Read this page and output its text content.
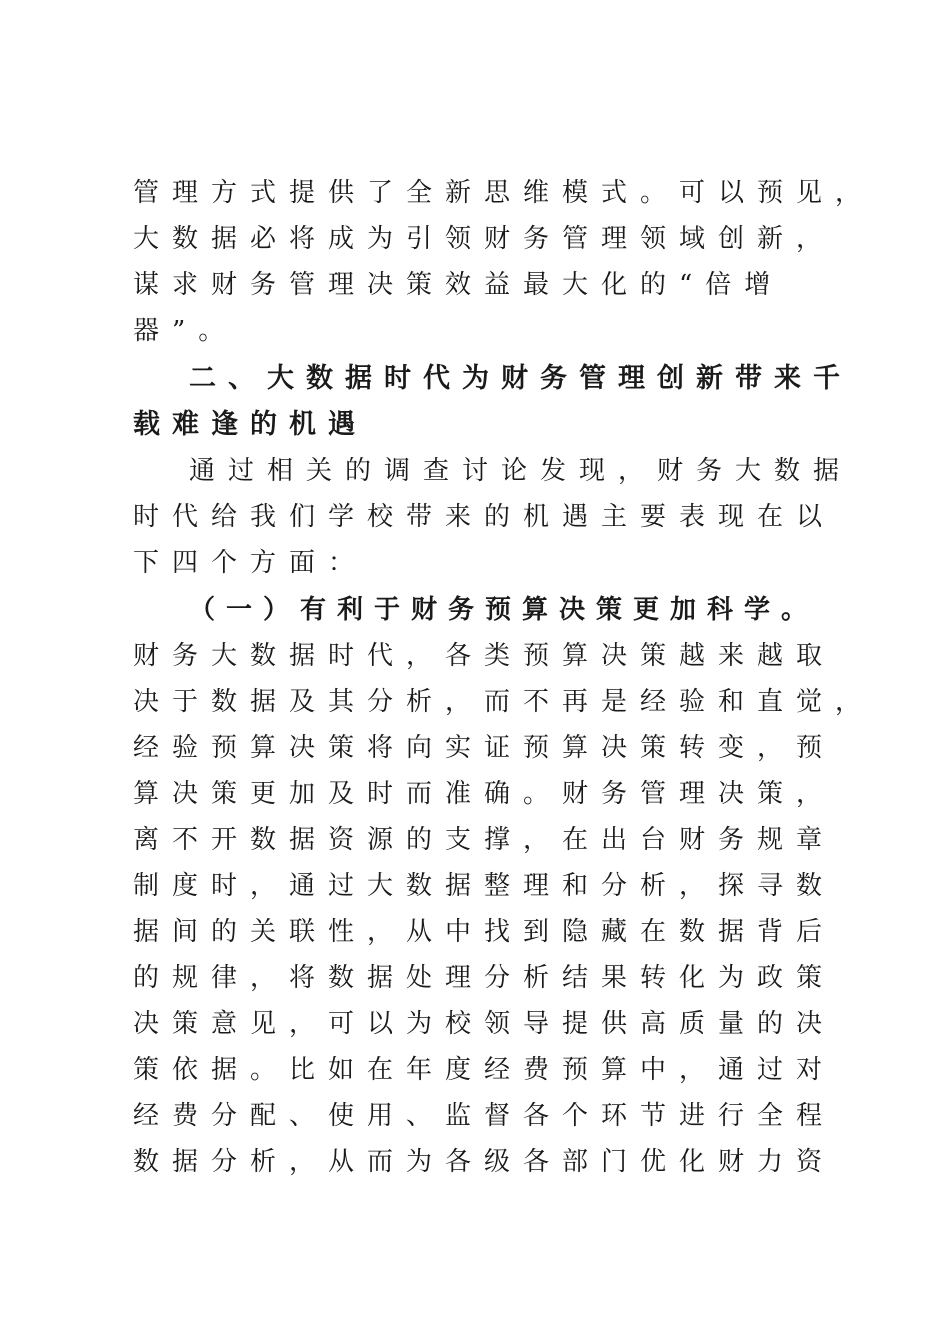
管理方式提供了全新思维模式。可以预见，
大数据必将成为引领财务管理领域创新，
谋求财务管理决策效益最大化的“倍增
器”。
二、大数据时代为财务管理创新带来千
载难逢的机遇
通过相关的调查讨论发现，财务大数据
时代给我们学校带来的机遇主要表现在以
下四个方面：
（一）有利于财务预算决策更加科学。
财务大数据时代，各类预算决策越来越取
决于数据及其分析，而不再是经验和直觉，
经验预算决策将向实证预算决策转变，预
算决策更加及时而准确。财务管理决策，
离不开数据资源的支撑，在出台财务规章
制度时，通过大数据整理和分析，探寻数
据间的关联性，从中找到隐藏在数据背后
的规律，将数据处理分析结果转化为政策
决策意见，可以为校领导提供高质量的决
策依据。比如在年度经费预算中，通过对
经费分配、使用、监督各个环节进行全程
数据分析，从而为各级各部门优化财力资
